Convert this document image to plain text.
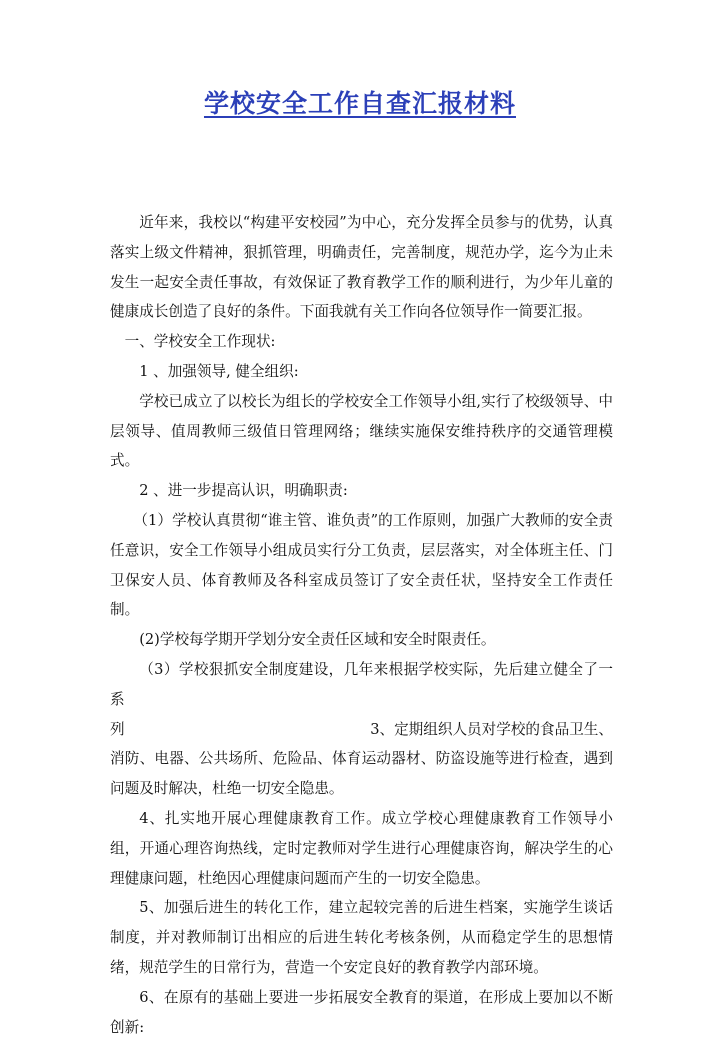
学校安全工作自查汇报材料

近年来，我校以“构建平安校园”为中心，充分发挥全员参与的优势，认真落实上级文件精神，狠抓管理，明确责任，完善制度，规范办学，迄今为止未发生一起安全责任事故，有效保证了教育教学工作的顺利进行，为少年儿童的健康成长创造了良好的条件。下面我就有关工作向各位领导作一简要汇报。

一、学校安全工作现状:

1 、加强领导, 健全组织:

学校已成立了以校长为组长的学校安全工作领导小组,实行了校级领导、中层领导、值周教师三级值日管理网络；继续实施保安维持秩序的交通管理模式。

2 、进一步提高认识，明确职责:

（1）学校认真贯彻“谁主管、谁负责”的工作原则，加强广大教师的安全责任意识，安全工作领导小组成员实行分工负责，层层落实，对全体班主任、门卫保安人员、体育教师及各科室成员签订了安全责任状，坚持安全工作责任制。

(2)学校每学期开学划分安全责任区域和安全时限责任。

（3）学校狠抓安全制度建设，几年来根据学校实际，先后建立健全了一系

列	3、定期组织人员对学校的食品卫生、

消防、电器、公共场所、危险品、体育运动器材、防盗设施等进行检查，遇到问题及时解决，杜绝一切安全隐患。

4、扎实地开展心理健康教育工作。成立学校心理健康教育工作领导小组，开通心理咨询热线，定时定教师对学生进行心理健康咨询，解决学生的心理健康问题，杜绝因心理健康问题而产生的一切安全隐患。

5、加强后进生的转化工作，建立起较完善的后进生档案，实施学生谈话制度，并对教师制订出相应的后进生转化考核条例，从而稳定学生的思想情绪，规范学生的日常行为，营造一个安定良好的教育教学内部环境。

6、在原有的基础上要进一步拓展安全教育的渠道，在形成上要加以不断创新:
